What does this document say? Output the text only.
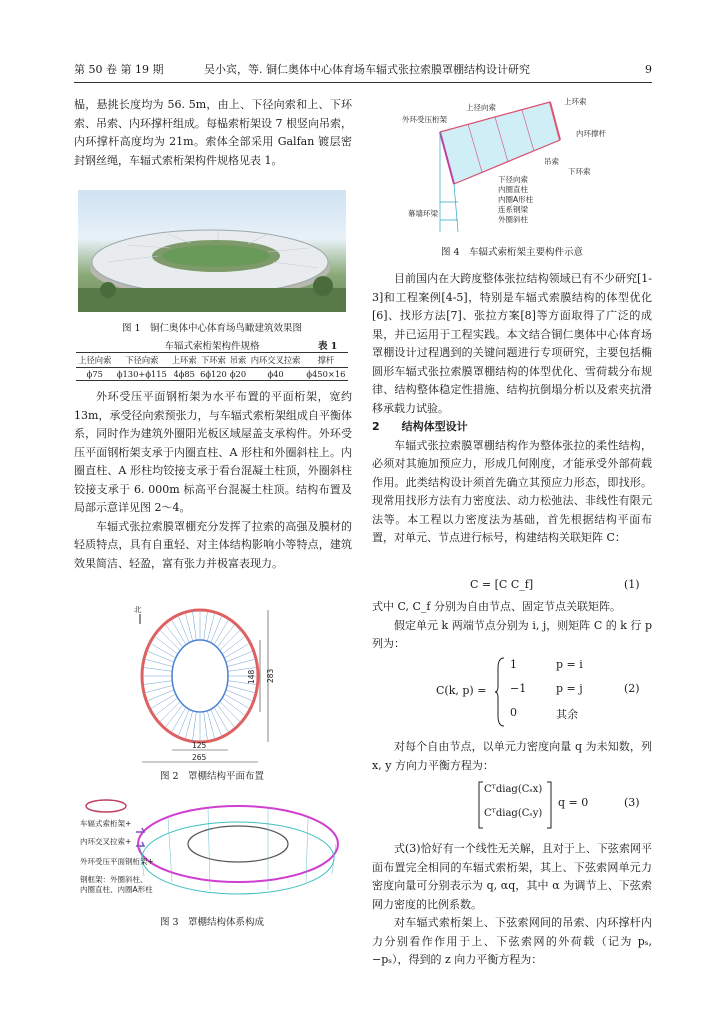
第 50 卷 第 19 期	吴小宾，等. 铜仁奥体中心体育场车辐式张拉索膜罩棚结构设计研究	9

榀，悬挑长度均为 56. 5m，由上、下径向索和上、下环索、吊索、内环撑杆组成。每榀索桁架设 7 根竖向吊索，内环撑杆高度均为 21m。索体全部采用 Galfan 镀层密封钢丝绳，车辐式索桁架构件规格见表 1。

图 1　铜仁奥体中心体育场鸟瞰建筑效果图
车辐式索桁架构件规格	表 1
上径向索	下径向索	上环索	下环索	吊索	内环交叉拉索	撑杆
ϕ75	ϕ130+ϕ115	4ϕ85	6ϕ120	ϕ20	ϕ40	ϕ450×16

外环受压平面钢桁架为水平布置的平面桁架，宽约 13m，承受径向索预张力，与车辐式索桁架组成自平衡体系，同时作为建筑外圈阳光板区域屋盖支承构件。外环受压平面钢桁架支承于内圈直柱、A 形柱和外圈斜柱上。内圈直柱、A 形柱均铰接支承于看台混凝土柱顶，外圈斜柱铰接支承于 6. 000m 标高平台混凝土柱顶。结构布置及局部示意详见图 2～4。

车辐式张拉索膜罩棚充分发挥了拉索的高强及膜材的轻质特点，具有自重轻、对主体结构影响小等特点，建筑效果简洁、轻盈，富有张力并极富表现力。

北
283
148
125
265
图 2　罩棚结构平面布置
车辐式索桁架+
内环交叉拉索+
外环受压平面钢桁架+
钢框架：外圈斜柱、
内圈直柱、内圈A形柱
图 3　罩棚结构体系构成
上径向索
上环索
外环受压桁架
内环撑杆
吊索
下环索
下径向索
内圈直柱
内圈A形柱
连系钢梁
外圈斜柱
幕墙环梁
图 4　车辐式索桁架主要构件示意

目前国内在大跨度整体张拉结构领域已有不少研究[1-3]和工程案例[4-5]，特别是车辐式索膜结构的体型优化[6]、找形方法[7]、张拉方案[8]等方面取得了广泛的成果，并已运用于工程实践。本文结合铜仁奥体中心体育场罩棚设计过程遇到的关键问题进行专项研究，主要包括椭圆形车辐式张拉索膜罩棚结构的体型优化、雪荷载分布规律、结构整体稳定性措施、结构抗倒塌分析以及索夹抗滑移承载力试验。

2　　结构体型设计

车辐式张拉索膜罩棚结构作为整体张拉的柔性结构，必须对其施加预应力，形成几何刚度，才能承受外部荷载作用。此类结构设计须首先确立其预应力形态，即找形。现常用找形方法有力密度法、动力松弛法、非线性有限元法等。本工程以力密度法为基础，首先根据结构平面布置，对单元、节点进行标号，构建结构关联矩阵 C：

C = [C C_f]	(1)

式中 C, C_f 分别为自由节点、固定节点关联矩阵。

假定单元 k 两端节点分别为 i, j，则矩阵 C 的 k 行 p 列为：

C(k, p) =
1	p = i
−1	p = j
0	其余
(2)

对每个自由节点，以单元力密度向量 q 为未知数，列 x, y 方向力平衡方程为：

Cᵀdiag(Cₛx)
Cᵀdiag(Cₛy)
q = 0	(3)

式(3)恰好有一个线性无关解，且对于上、下弦索网平面布置完全相同的车辐式索桁架，其上、下弦索网单元力密度向量可分别表示为 q, αq，其中 α 为调节上、下弦索网力密度的比例系数。

对车辐式索桁架上、下弦索网间的吊索、内环撑杆内力分别看作作用于上、下弦索网的外荷载（记为 pₛ, −pₛ），得到的 z 向力平衡方程为：
